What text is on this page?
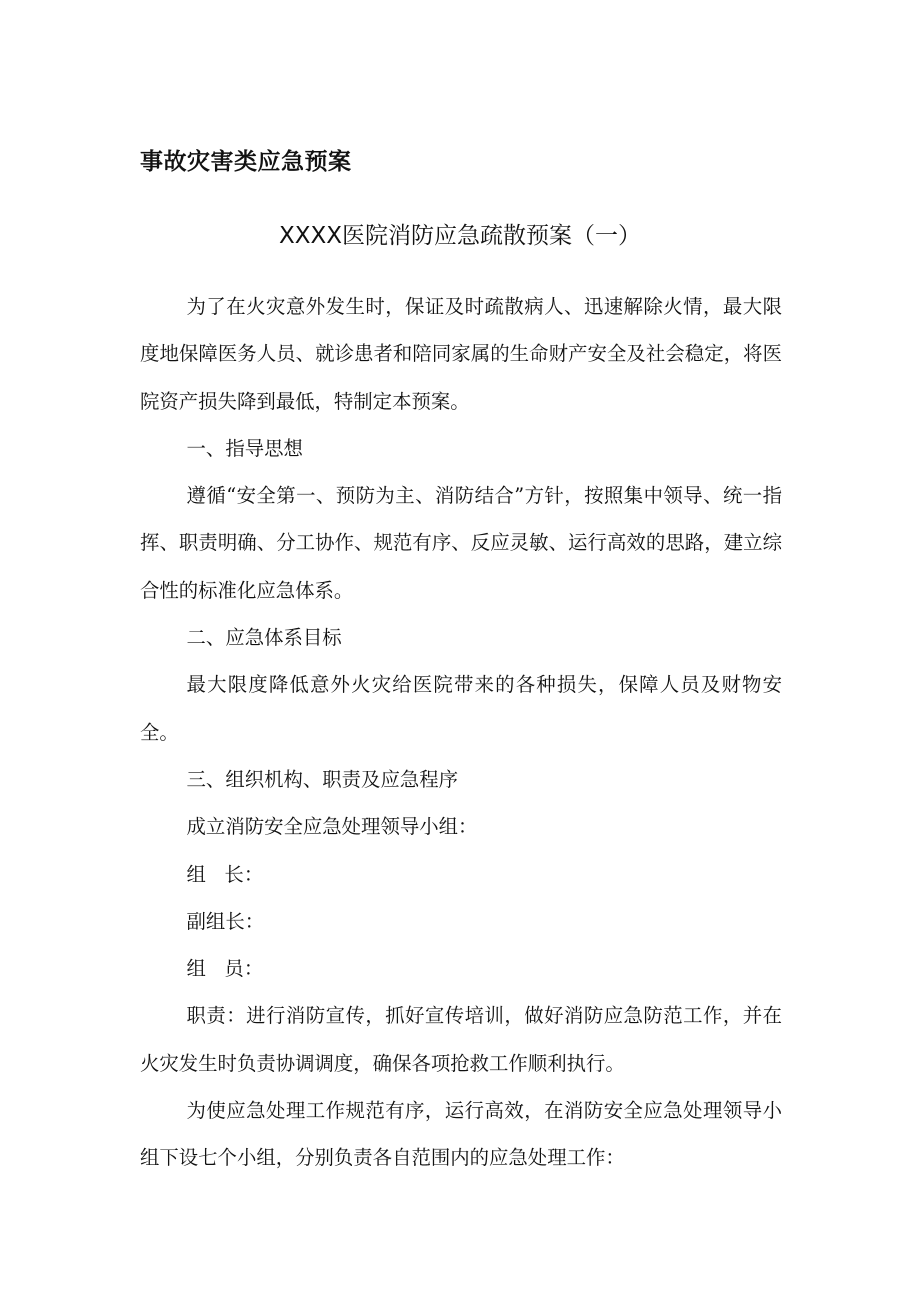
事故灾害类应急预案
XXXX医院消防应急疏散预案（一）

为了在火灾意外发生时，保证及时疏散病人、迅速解除火情，最大限度地保障医务人员、就诊患者和陪同家属的生命财产安全及社会稳定，将医院资产损失降到最低，特制定本预案。

一、指导思想

遵循“安全第一、预防为主、消防结合”方针，按照集中领导、统一指挥、职责明确、分工协作、规范有序、反应灵敏、运行高效的思路，建立综合性的标准化应急体系。

二、应急体系目标

最大限度降低意外火灾给医院带来的各种损失，保障人员及财物安全。

三、组织机构、职责及应急程序

成立消防安全应急处理领导小组：

组   长：

副组长：

组   员：

职责：进行消防宣传，抓好宣传培训，做好消防应急防范工作，并在火灾发生时负责协调调度，确保各项抢救工作顺利执行。

为使应急处理工作规范有序，运行高效，在消防安全应急处理领导小组下设七个小组，分别负责各自范围内的应急处理工作：
